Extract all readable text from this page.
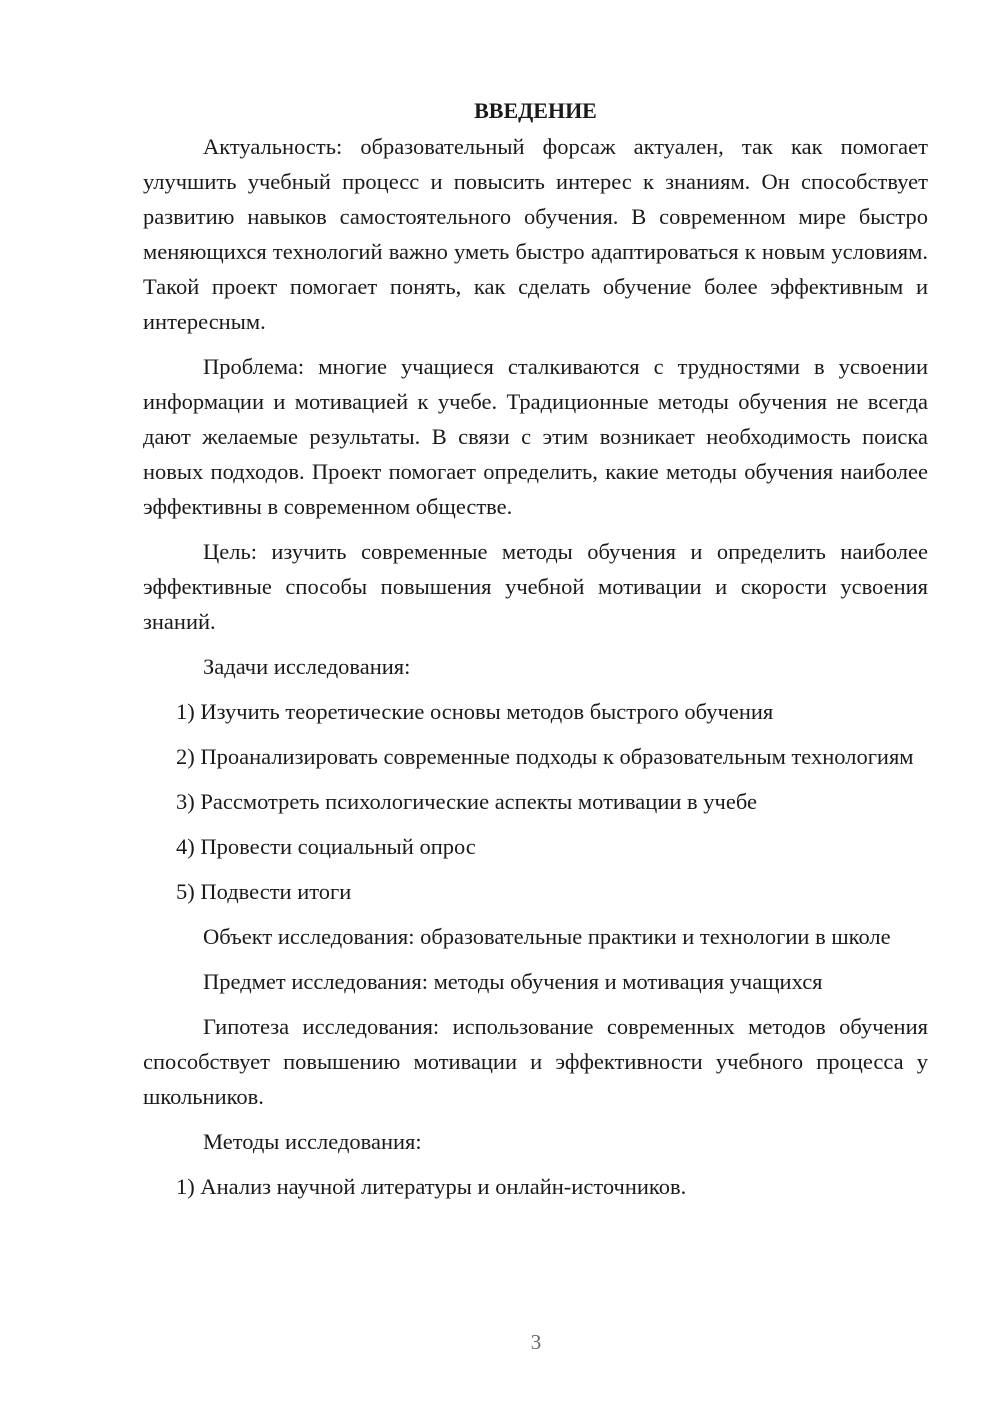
ВВЕДЕНИЕ

Актуальность: образовательный форсаж актуален, так как помогает улучшить учебный процесс и повысить интерес к знаниям. Он способствует развитию навыков самостоятельного обучения. В современном мире быстро меняющихся технологий важно уметь быстро адаптироваться к новым условиям. Такой проект помогает понять, как сделать обучение более эффективным и интересным.

Проблема: многие учащиеся сталкиваются с трудностями в усвоении информации и мотивацией к учебе. Традиционные методы обучения не всегда дают желаемые результаты. В связи с этим возникает необходимость поиска новых подходов. Проект помогает определить, какие методы обучения наиболее эффективны в современном обществе.

Цель: изучить современные методы обучения и определить наиболее эффективные способы повышения учебной мотивации и скорости усвоения знаний.

Задачи исследования:

1) Изучить теоретические основы методов быстрого обучения

2) Проанализировать современные подходы к образовательным технологиям

3) Рассмотреть психологические аспекты мотивации в учебе

4) Провести социальный опрос

5) Подвести итоги

Объект исследования: образовательные практики и технологии в школе

Предмет исследования: методы обучения и мотивация учащихся

Гипотеза исследования: использование современных методов обучения способствует повышению мотивации и эффективности учебного процесса у школьников.

Методы исследования:

1) Анализ научной литературы и онлайн-источников.

3
